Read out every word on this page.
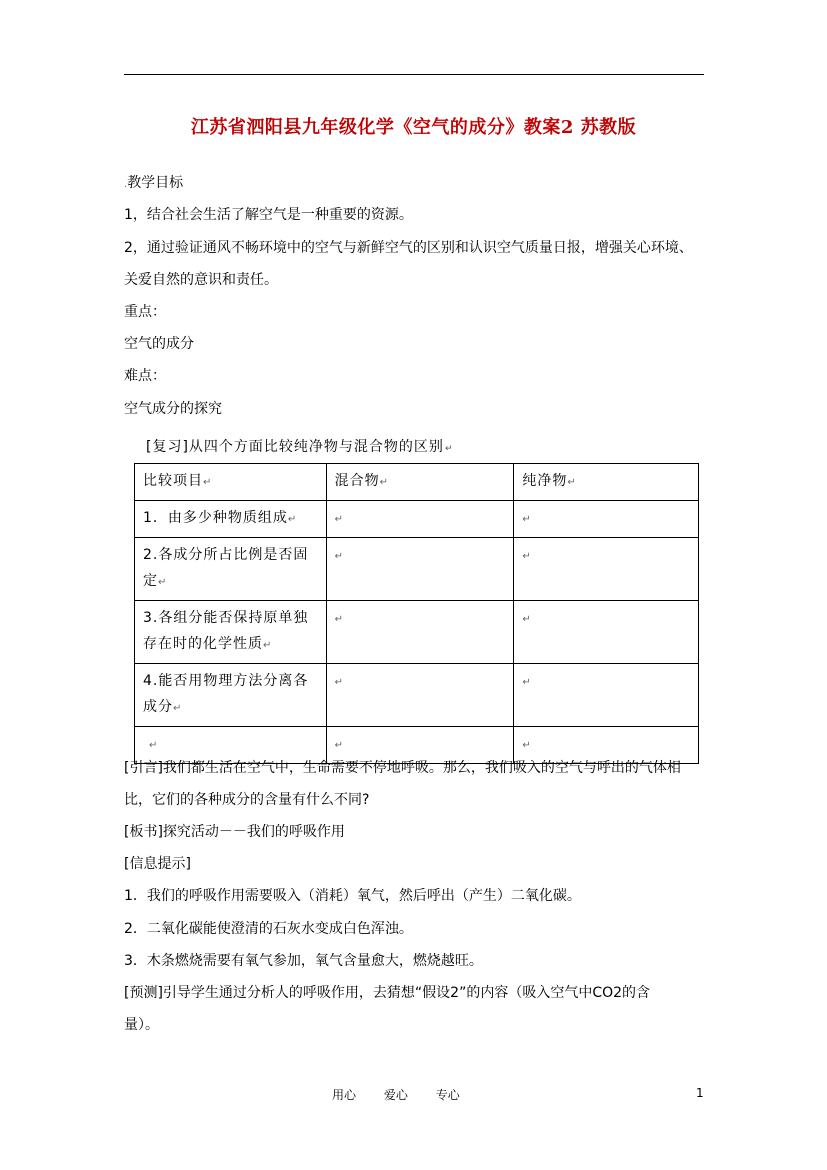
江苏省泗阳县九年级化学《空气的成分》教案2 苏教版
.教学目标
1，结合社会生活了解空气是一种重要的资源。
2，通过验证通风不畅环境中的空气与新鲜空气的区别和认识空气质量日报，增强关心环境、
关爱自然的意识和责任。
重点：
空气的成分
难点：
空气成分的探究
[复习]从四个方面比较纯净物与混合物的区别↵
比较项目↵	混合物↵	纯净物↵
1．由多少种物质组成↵	↵	↵
2.各成分所占比例是否固定↵	↵	↵
3.各组分能否保持原单独存在时的化学性质↵	↵	↵
4.能否用物理方法分离各成分↵	↵	↵
↵	↵	↵
[引言]我们都生活在空气中，生命需要不停地呼吸。那么，我们吸入的空气与呼出的气体相
比，它们的各种成分的含量有什么不同?
[板书]探究活动－－我们的呼吸作用
[信息提示]
1．我们的呼吸作用需要吸入（消耗）氧气，然后呼出（产生）二氧化碳。
2．二氧化碳能使澄清的石灰水变成白色浑浊。
3．木条燃烧需要有氧气参加，氧气含量愈大，燃烧越旺。
[预测]引导学生通过分析人的呼吸作用，去猜想“假设2”的内容（吸入空气中CO2的含
量）。
用心 爱心 专心	1
